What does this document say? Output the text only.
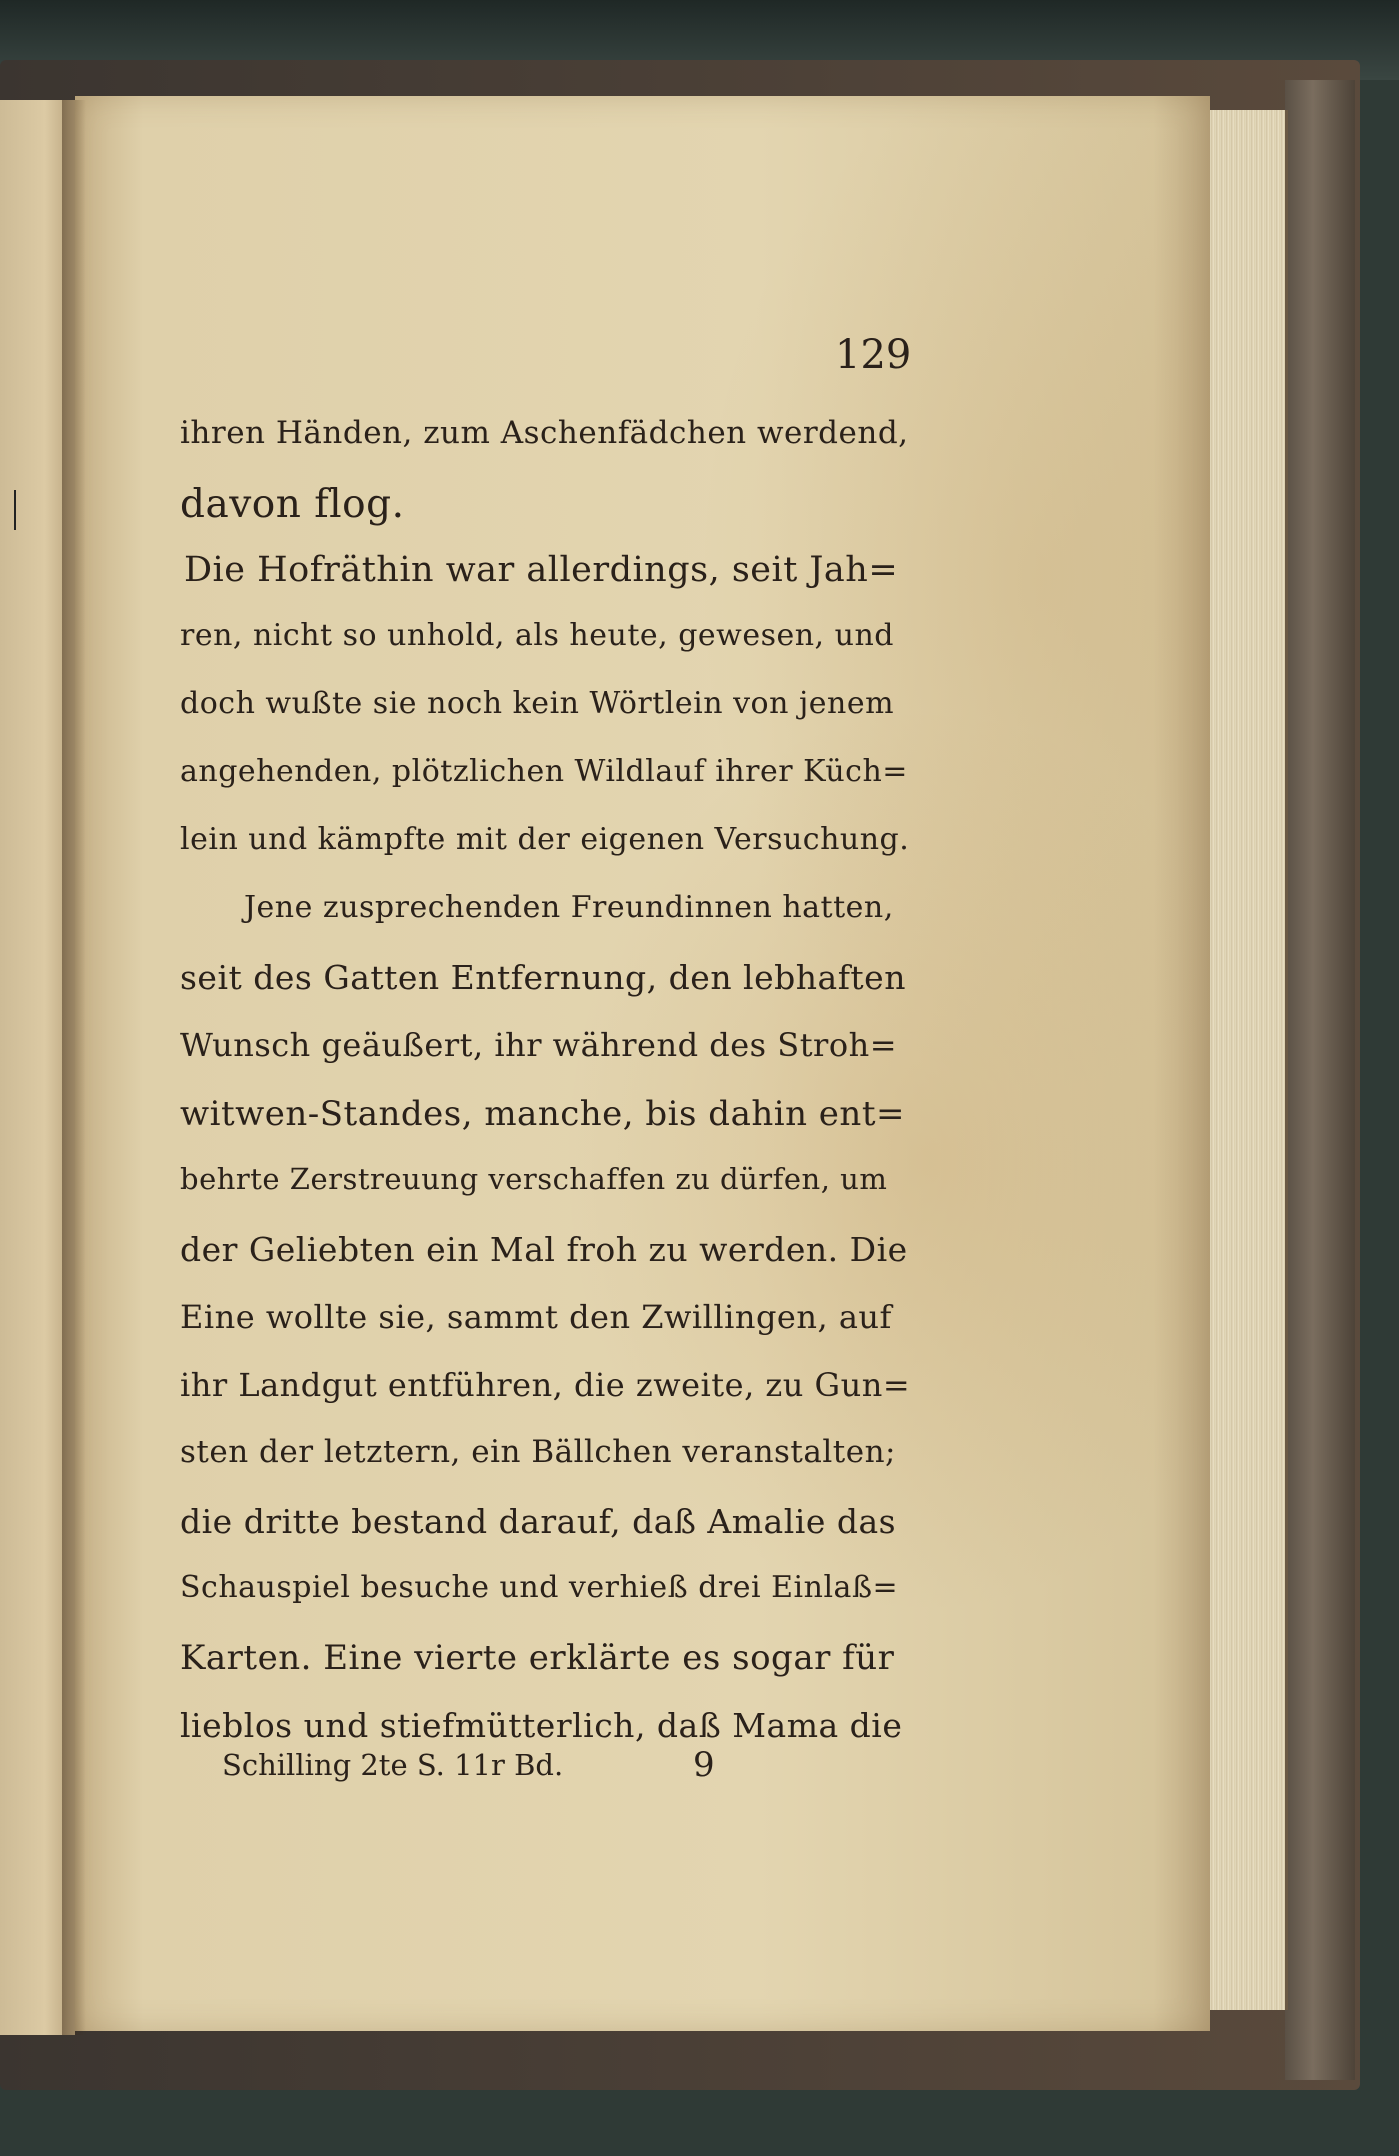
129
ihren Händen, zum Aschenfädchen werdend,
davon flog.
Die Hofräthin war allerdings, seit Jah=
ren, nicht so unhold, als heute, gewesen, und
doch wußte sie noch kein Wörtlein von jenem
angehenden, plötzlichen Wildlauf ihrer Küch=
lein und kämpfte mit der eigenen Versuchung.
Jene zusprechenden Freundinnen hatten,
seit des Gatten Entfernung, den lebhaften
Wunsch geäußert, ihr während des Stroh=
witwen-Standes, manche, bis dahin ent=
behrte Zerstreuung verschaffen zu dürfen, um
der Geliebten ein Mal froh zu werden. Die
Eine wollte sie, sammt den Zwillingen, auf
ihr Landgut entführen, die zweite, zu Gun=
sten der letztern, ein Bällchen veranstalten;
die dritte bestand darauf, daß Amalie das
Schauspiel besuche und verhieß drei Einlaß=
Karten. Eine vierte erklärte es sogar für
lieblos und stiefmütterlich, daß Mama die
Schilling 2te S. 11r Bd.	9
